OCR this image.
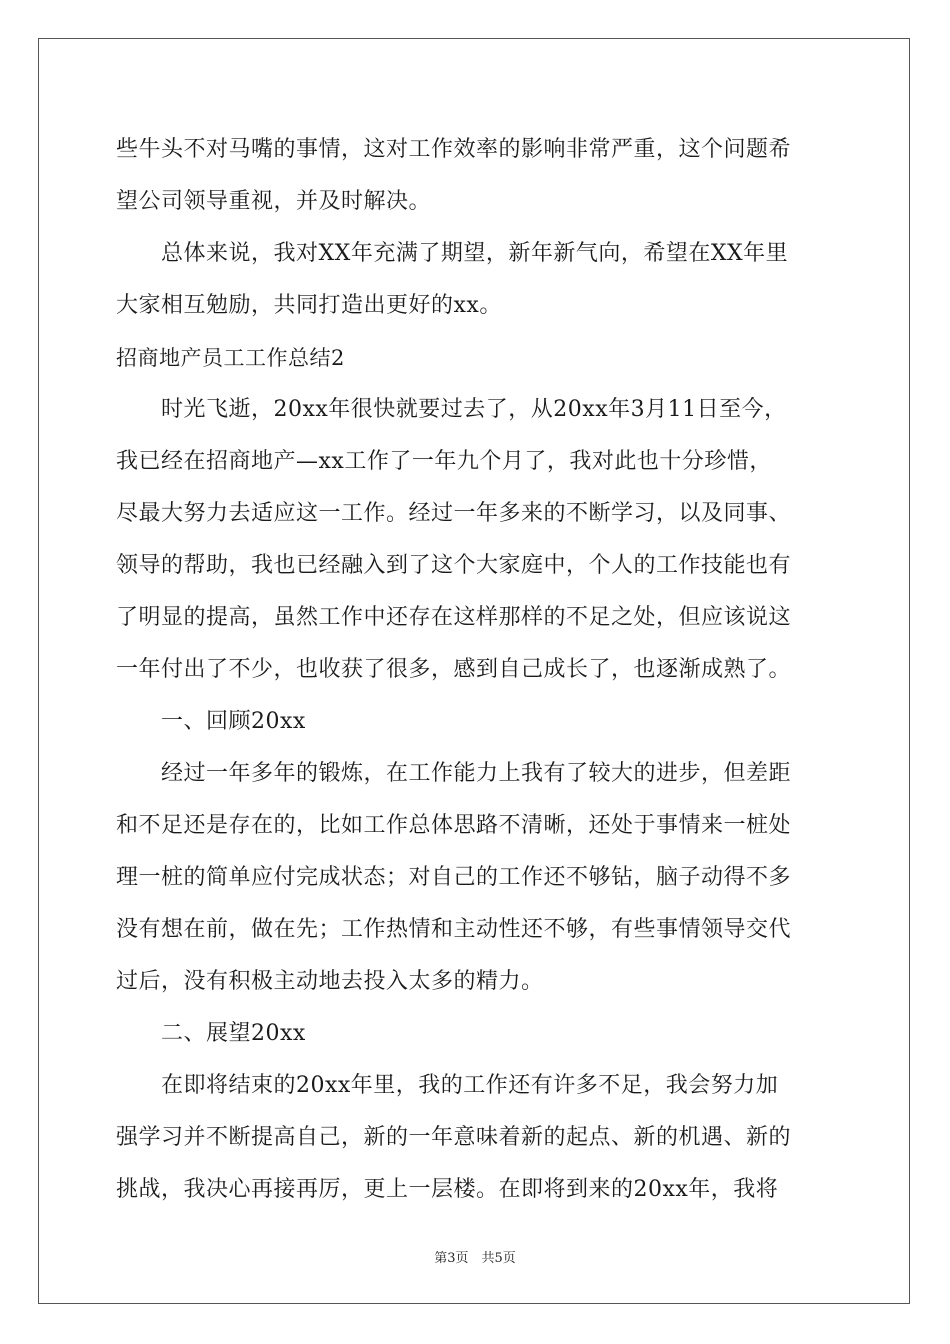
些牛头不对马嘴的事情，这对工作效率的影响非常严重，这个问题希
望公司领导重视，并及时解决。
　　总体来说，我对XX年充满了期望，新年新气向，希望在XX年里
大家相互勉励，共同打造出更好的xx。
招商地产员工工作总结2
　　时光飞逝，20xx年很快就要过去了，从20xx年3月11日至今，
我已经在招商地产—xx工作了一年九个月了，我对此也十分珍惜，
尽最大努力去适应这一工作。经过一年多来的不断学习，以及同事、
领导的帮助，我也已经融入到了这个大家庭中，个人的工作技能也有
了明显的提高，虽然工作中还存在这样那样的不足之处，但应该说这
一年付出了不少，也收获了很多，感到自己成长了，也逐渐成熟了。
　　一、回顾20xx
　　经过一年多年的锻炼，在工作能力上我有了较大的进步，但差距
和不足还是存在的，比如工作总体思路不清晰，还处于事情来一桩处
理一桩的简单应付完成状态；对自己的工作还不够钻，脑子动得不多
没有想在前，做在先；工作热情和主动性还不够，有些事情领导交代
过后，没有积极主动地去投入太多的精力。
　　二、展望20xx
　　在即将结束的20xx年里，我的工作还有许多不足，我会努力加
强学习并不断提高自己，新的一年意味着新的起点、新的机遇、新的
挑战，我决心再接再厉，更上一层楼。在即将到来的20xx年，我将
第3页　共5页
